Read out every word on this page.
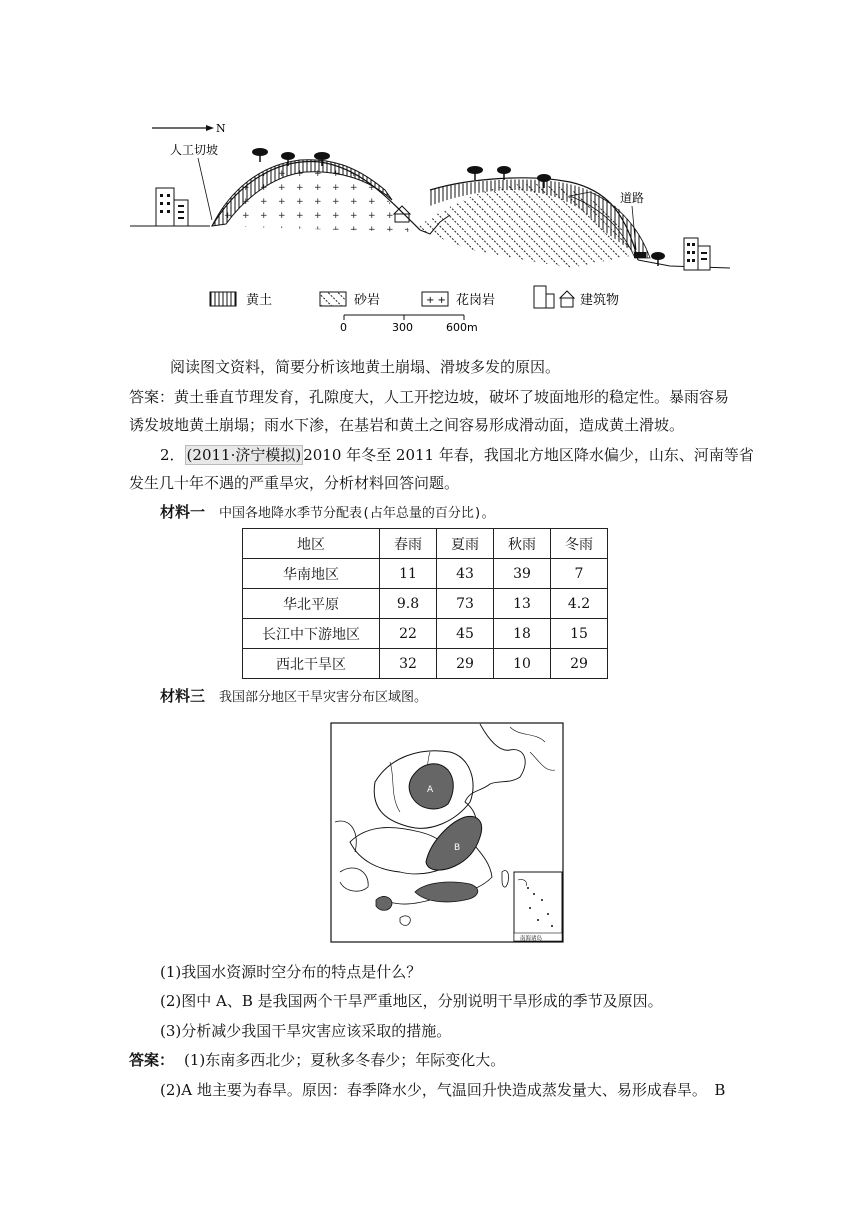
N
人工切坡
道路
黄土	砂岩	+ + 花岗岩	建筑物
0	300	600m
阅读图文资料，简要分析该地黄土崩塌、滑坡多发的原因。
答案：黄土垂直节理发育，孔隙度大，人工开挖边坡，破坏了坡面地形的稳定性。暴雨容易
诱发坡地黄土崩塌；雨水下渗，在基岩和黄土之间容易形成滑动面，造成黄土滑坡。
2． (2011·济宁模拟) 2010 年冬至 2011 年春，我国北方地区降水偏少，山东、河南等省
发生几十年不遇的严重旱灾，分析材料回答问题。
材料一 中国各地降水季节分配表(占年总量的百分比)。
地区	春雨	夏雨	秋雨	冬雨
华南地区	11	43	39	7
华北平原	9.8	73	13	4.2
长江中下游地区	22	45	18	15
西北干旱区	32	29	10	29
材料三 我国部分地区干旱灾害分布区域图。
A
B
南海诸岛
(1)我国水资源时空分布的特点是什么？
(2)图中 A、B 是我国两个干旱严重地区，分别说明干旱形成的季节及原因。
(3)分析减少我国干旱灾害应该采取的措施。
答案： (1)东南多西北少；夏秋多冬春少；年际变化大。
(2)A 地主要为春旱。原因：春季降水少，气温回升快造成蒸发量大、易形成春旱。　B
